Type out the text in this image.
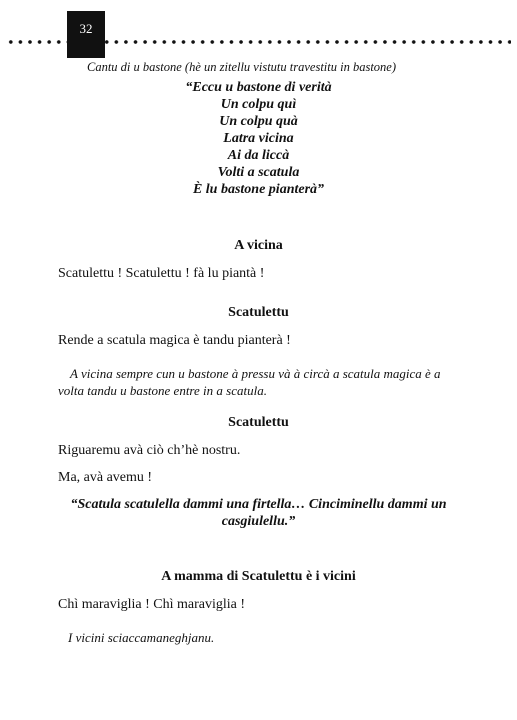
32
Cantu di u bastone (hè un zitellu vistutu travestitu in bastone)
“Eccu u bastone di verità
Un colpu quì
Un colpu quà
Latra vicina
Ai da liccà
Volti a scatula
È lu bastone pianterà”
A vicina
Scatulettu ! Scatulettu ! fà lu piantà !
Scatulettu
Rende a scatula magica è tandu pianterà !
A vicina sempre cun u bastone à pressu và à circà a scatula magica è a
volta tandu u bastone entre in a scatula.
Scatulettu
Riguaremu avà ciò ch’hè nostru.
Ma, avà avemu !
“Scatula scatulella dammi una firtella… Cinciminellu dammi un
casgiulellu.”
A mamma di Scatulettu è i vicini
Chì maraviglia ! Chì maraviglia !
I vicini sciaccamaneghjanu.
